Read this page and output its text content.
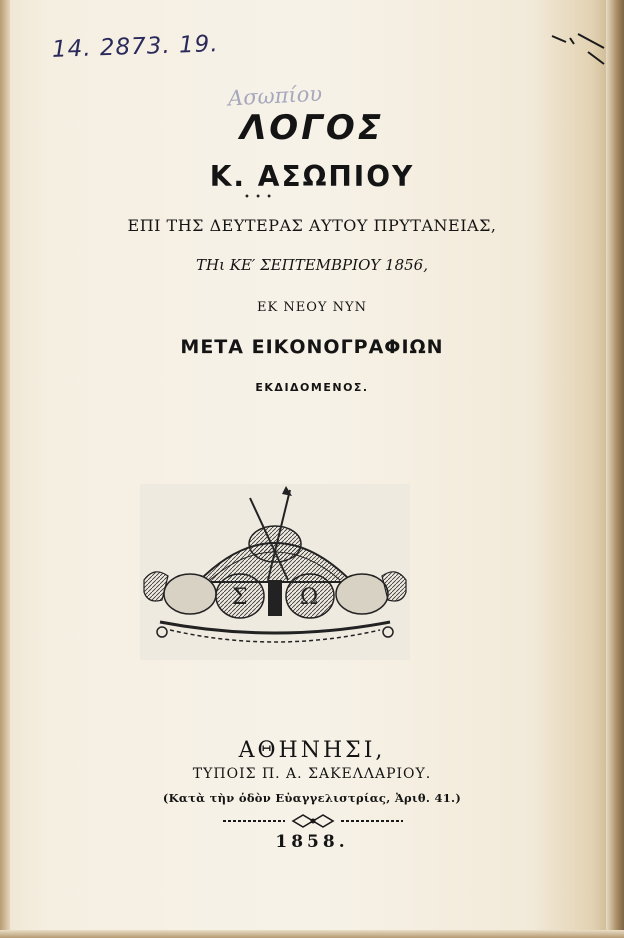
14. 2873. 19.
Ασωπίου
ΛΟΓΟΣ
Κ. ΑΣΩΠΙΟΥ
• • •
ΕΠΙ ΤΗΣ ΔΕΥΤΕΡΑΣ ΑΥΤΟΥ ΠΡΥΤΑΝΕΙΑΣ,
ΤΗι ΚΕ′ ΣΕΠΤΕΜΒΡΙΟΥ 1856,
ΕΚ ΝΕΟΥ ΝΥΝ
ΜΕΤΑ ΕΙΚΟΝΟΓΡΑΦΙΩΝ
ΕΚΔΙΔΟΜΕΝΟΣ.
Σ Ω
ΑΘΗΝΗΣΙ,
ΤΥΠΟΙΣ Π. Α. ΣΑΚΕΛΛΑΡΙΟΥ.
(Κατὰ τὴν ὁδὸν Εὐαγγελιστρίας, Ἀριθ. 41.)
1858.
